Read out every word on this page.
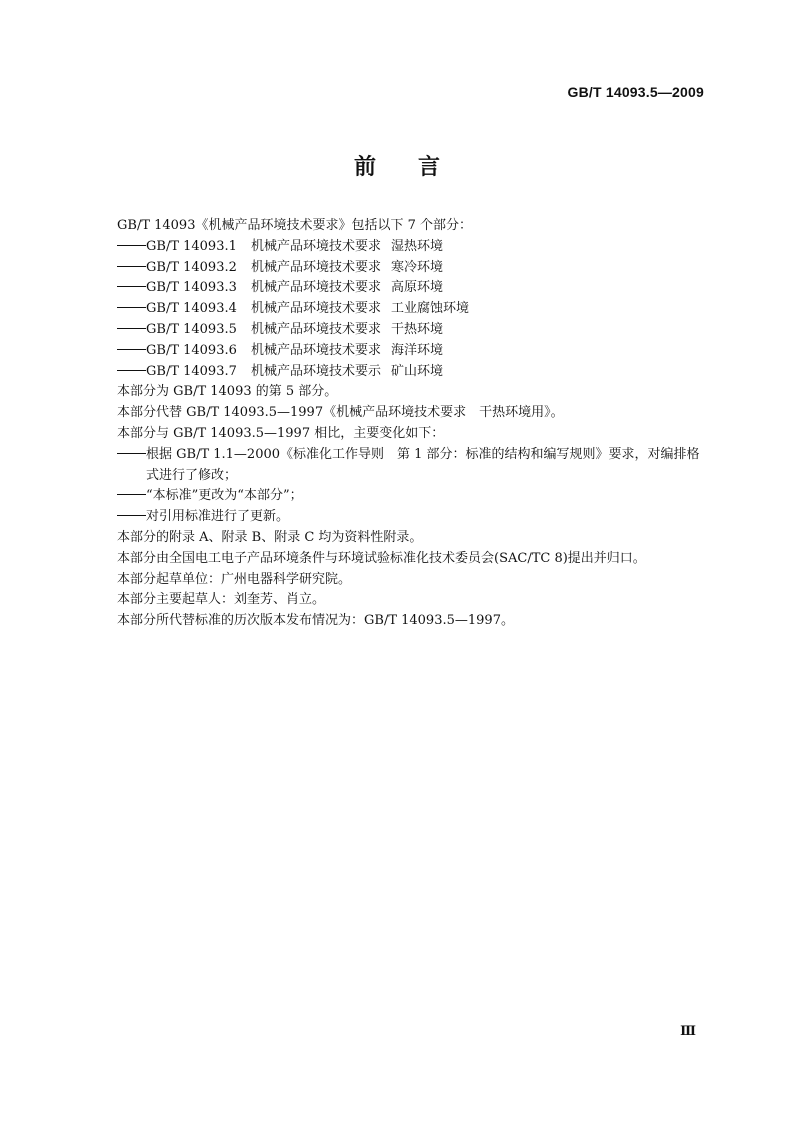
GB/T 14093.5—2009
前言
GB/T 14093《机械产品环境技术要求》包括以下 7 个部分：
GB/T 14093.1 机械产品环境技术要求 湿热环境
GB/T 14093.2 机械产品环境技术要求 寒冷环境
GB/T 14093.3 机械产品环境技术要求 高原环境
GB/T 14093.4 机械产品环境技术要求 工业腐蚀环境
GB/T 14093.5 机械产品环境技术要求 干热环境
GB/T 14093.6 机械产品环境技术要求 海洋环境
GB/T 14093.7 机械产品环境技术要示 矿山环境
本部分为 GB/T 14093 的第 5 部分。
本部分代替 GB/T 14093.5—1997《机械产品环境技术要求　干热环境用》。
本部分与 GB/T 14093.5—1997 相比，主要变化如下：
根据 GB/T 1.1—2000《标准化工作导则　第 1 部分：标准的结构和编写规则》要求，对编排格
式进行了修改；
“本标准”更改为“本部分”；
对引用标准进行了更新。
本部分的附录 A、附录 B、附录 C 均为资料性附录。
本部分由全国电工电子产品环境条件与环境试验标准化技术委员会(SAC/TC 8)提出并归口。
本部分起草单位：广州电器科学研究院。
本部分主要起草人：刘奎芳、肖立。
本部分所代替标准的历次版本发布情况为：GB/T 14093.5—1997。
Ⅲ
